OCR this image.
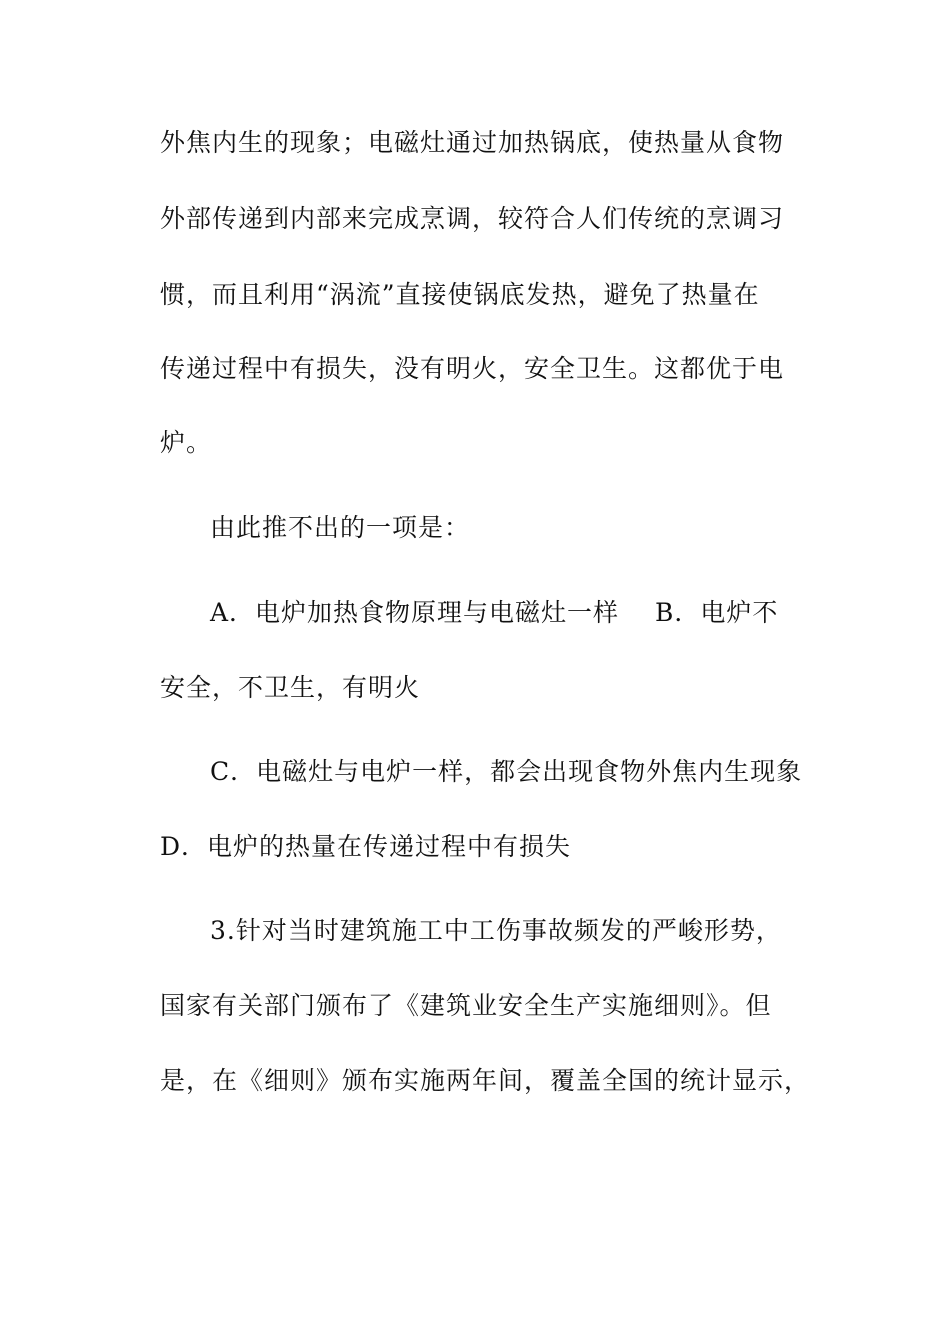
外焦内生的现象；电磁灶通过加热锅底，使热量从食物
外部传递到内部来完成烹调，较符合人们传统的烹调习
惯，而且利用“涡流”直接使锅底发热，避免了热量在
传递过程中有损失，没有明火，安全卫生。这都优于电
炉。
由此推不出的一项是：
A．电炉加热食物原理与电磁灶一样 B．电炉不
安全，不卫生，有明火
C．电磁灶与电炉一样，都会出现食物外焦内生现象
D．电炉的热量在传递过程中有损失
3.针对当时建筑施工中工伤事故频发的严峻形势，
国家有关部门颁布了《建筑业安全生产实施细则》。但
是，在《细则》颁布实施两年间，覆盖全国的统计显示，
